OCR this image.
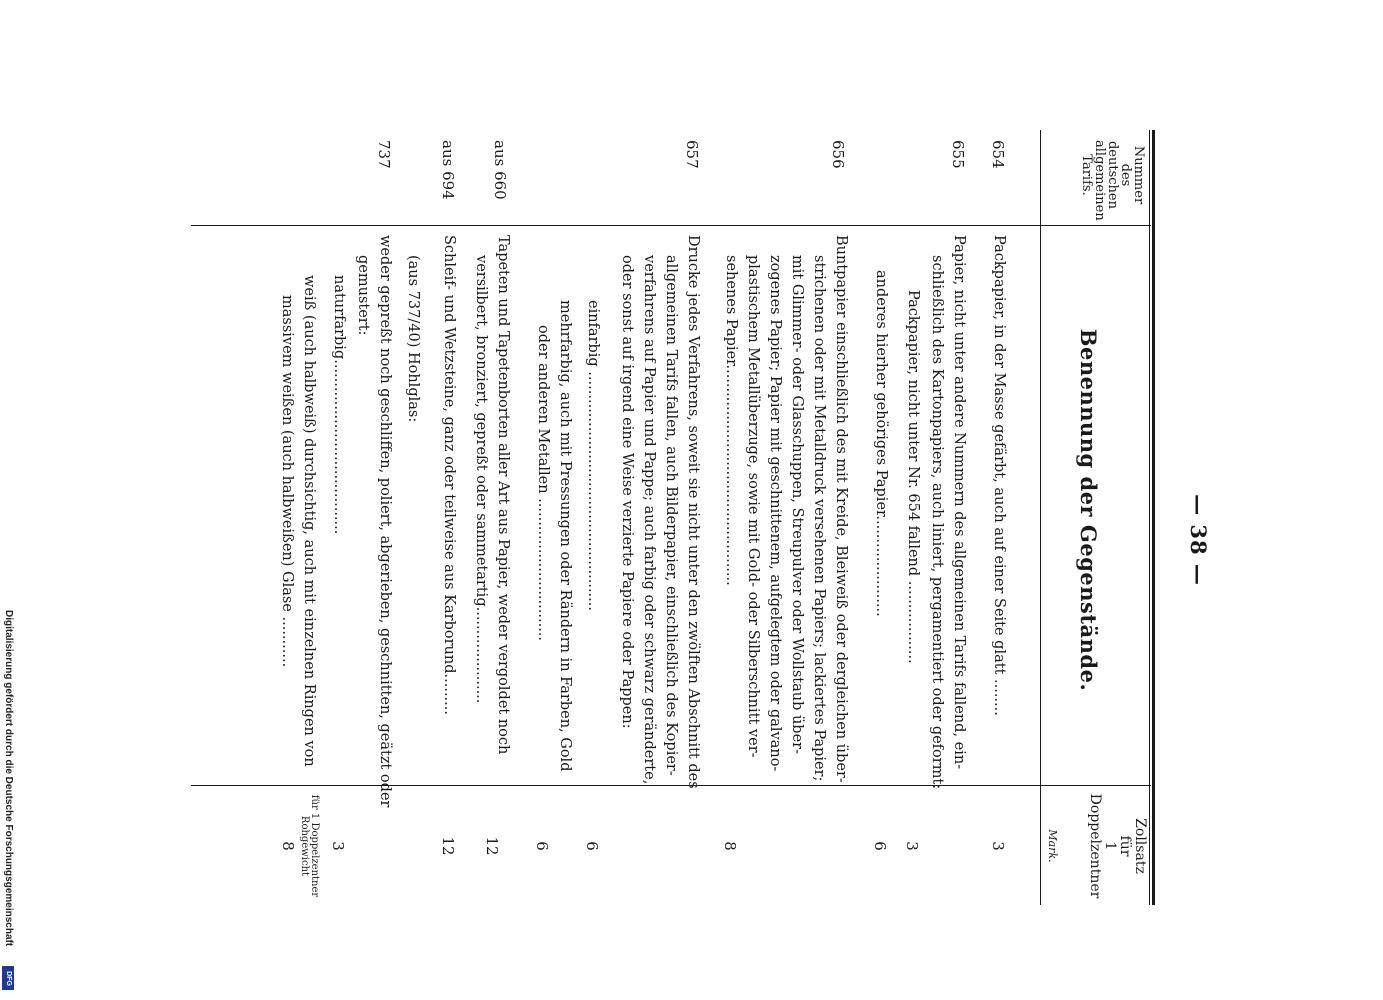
— 38 —
Nummer
des
deutschen
allgemeinen
Tarifs.
Benennung der Gegenstände.
Zollsatz
für
1 Doppelzentner
Mark.
654
Packpapier, in der Masse gefärbt, auch auf einer Seite glatt ........
3
655
Papier, nicht unter andere Nummern des allgemeinen Tarifs fallend, ein-
schließlich des Kartonpapiers, auch liniert, pergamentiert oder geformt:
Packpapier, nicht unter Nr. 654 fallend ..................
3
anderes hierher gehöriges Papier......................
6
656
Buntpapier einschließlich des mit Kreide, Bleiweiß oder dergleichen über-
strichenen oder mit Metalldruck versehenen Papiers; lackiertes Papier;
mit Glimmer- oder Glasschuppen, Streupulver oder Wollstaub über-
zogenes Papier; Papier mit geschnittenem, aufgelegtem oder galvano-
plastischem Metallüberzuge, sowie mit Gold- oder Silberschnitt ver-
sehenes Papier................................................
8
657
Drucke jedes Verfahrens, soweit sie nicht unter den zwölften Abschnitt des
allgemeinen Tarifs fallen, auch Bilderpapier, einschließlich des Kopier-
verfahrens auf Papier und Pappe; auch farbig oder schwarz geränderte,
oder sonst auf irgend eine Weise verzierte Papiere oder Pappen:
einfarbig ....................................................
6
mehrfarbig, auch mit Pressungen oder Rändern in Farben, Gold
oder anderen Metallen ...............................
6
aus 660
Tapeten und Tapetenborten aller Art aus Papier, weder vergoldet noch
versilbert, bronziert, gepreßt oder sammetartig.....................
12
aus 694
Schleif- und Wetzsteine, ganz oder teilweise aus Karborund.........
12
737
(aus 737/40) Hohlglas:
weder gepreßt noch geschliffen, poliert, abgerieben, geschnitten, geätzt oder
gemustert:
naturfarbig......................................
3
weiß (auch halbweiß) durchsichtig, auch mit einzelnen Ringen von
massivem weißen (auch halbweißen) Glase ...........
für 1 Doppelzentner
Rohgewicht
8
Digitalisierung gefördert durch die Deutsche Forschungsgemeinschaft
DFG
